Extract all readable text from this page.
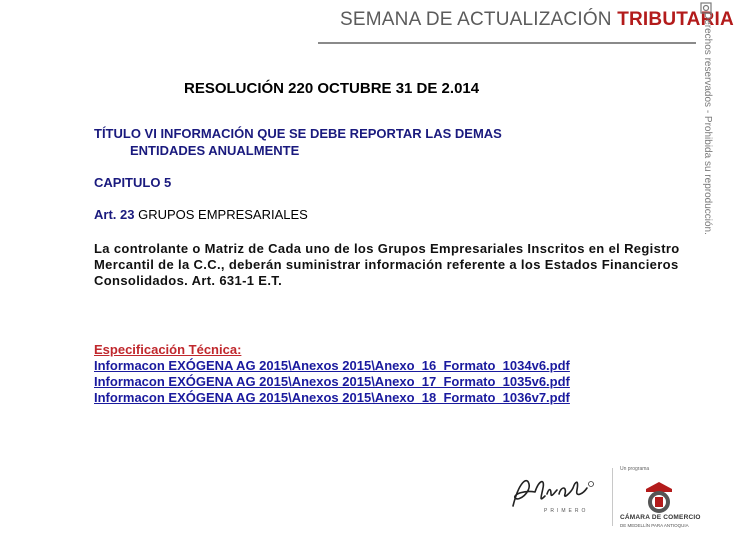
SEMANA DE ACTUALIZACIÓN TRIBUTARIA
Derechos reservados - Prohibida su reproducción.
RESOLUCIÓN 220 OCTUBRE 31 DE 2.014
TÍTULO VI INFORMACIÓN QUE SE DEBE REPORTAR LAS DEMAS
ENTIDADES ANUALMENTE
CAPITULO 5
Art. 23 GRUPOS EMPRESARIALES
La controlante o Matriz de Cada uno de los Grupos Empresariales Inscritos en el Registro Mercantil de la C.C., deberán suministrar información referente a los Estados Financieros Consolidados. Art. 631-1 E.T.
Especificación Técnica:
Informacon EXÓGENA AG 2015\Anexos 2015\Anexo_16_Formato_1034v6.pdf
Informacon EXÓGENA AG 2015\Anexos 2015\Anexo_17_Formato_1035v6.pdf
Informacon EXÓGENA AG 2015\Anexos 2015\Anexo_18_Formato_1036v7.pdf
PRIMERO
Un programa
CÁMARA DE COMERCIO
DE MEDELLÍN PARA ANTIOQUIA
